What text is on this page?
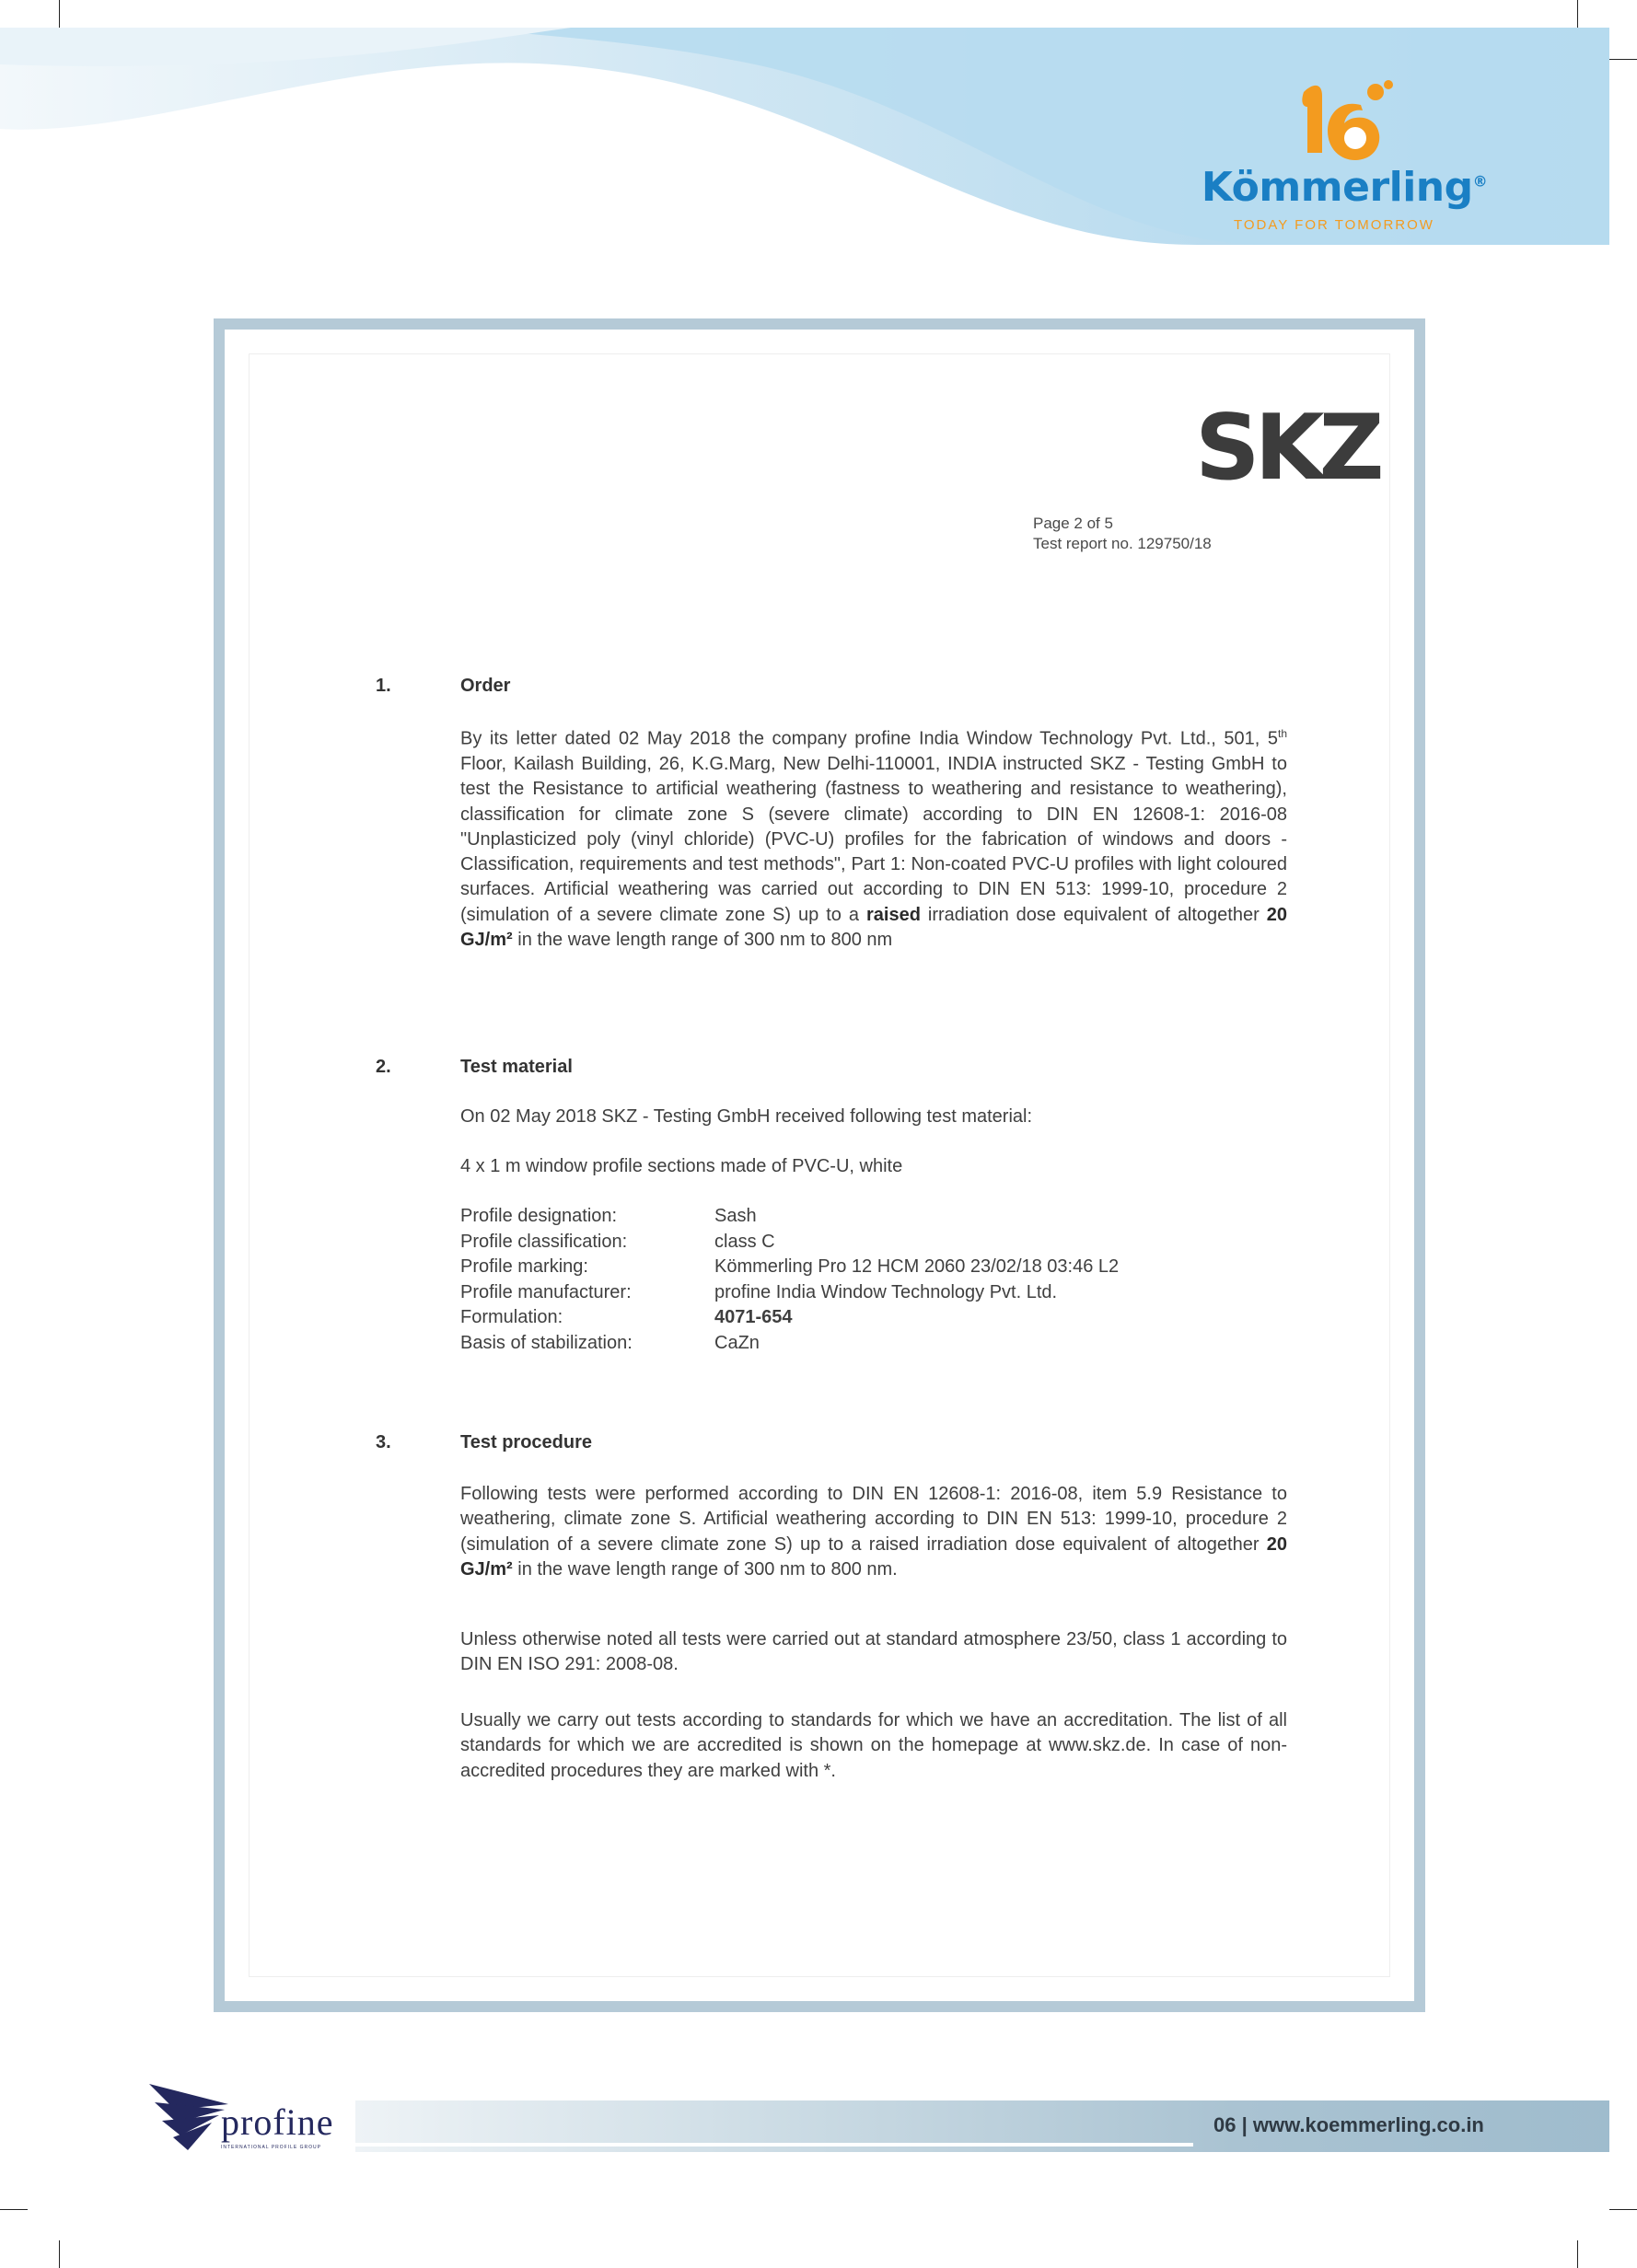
Kömmerling®
TODAY FOR TOMORROW
SKZ
Page 2 of 5
Test report no. 129750/18
1.	Order
By its letter dated 02 May 2018 the company profine India Window Technology Pvt. Ltd., 501, 5th Floor, Kailash Building, 26, K.G.Marg, New Delhi-110001, INDIA instructed SKZ - Testing GmbH to test the Resistance to artificial weathering (fastness to weathering and resistance to weathering), classification for climate zone S (severe climate) according to DIN EN 12608-1: 2016-08 "Unplasticized poly (vinyl chloride) (PVC-U) profiles for the fabrication of windows and doors - Classification, requirements and test methods", Part 1: Non-coated PVC-U profiles with light coloured surfaces. Artificial weathering was carried out according to DIN EN 513: 1999-10, procedure 2 (simulation of a severe climate zone S) up to a raised irradiation dose equivalent of altogether 20 GJ/m² in the wave length range of 300 nm to 800 nm
2.	Test material
On 02 May 2018 SKZ - Testing GmbH received following test material:
4 x 1 m window profile sections made of PVC-U, white
Profile designation:	Sash
Profile classification:	class C
Profile marking:	Kömmerling Pro 12 HCM 2060 23/02/18 03:46 L2
Profile manufacturer:	profine India Window Technology Pvt. Ltd.
Formulation:	4071-654
Basis of stabilization:	CaZn
3.	Test procedure
Following tests were performed according to DIN EN 12608-1: 2016-08, item 5.9 Resistance to weathering, climate zone S. Artificial weathering according to DIN EN 513: 1999-10, procedure 2 (simulation of a severe climate zone S) up to a raised irradiation dose equivalent of altogether 20 GJ/m² in the wave length range of 300 nm to 800 nm.
Unless otherwise noted all tests were carried out at standard atmosphere 23/50, class 1 according to DIN EN ISO 291: 2008-08.
Usually we carry out tests according to standards for which we have an accreditation. The list of all standards for which we are accredited is shown on the homepage at www.skz.de. In case of non-accredited procedures they are marked with *.
profine
INTERNATIONAL PROFILE GROUP
06 | www.koemmerling.co.in
